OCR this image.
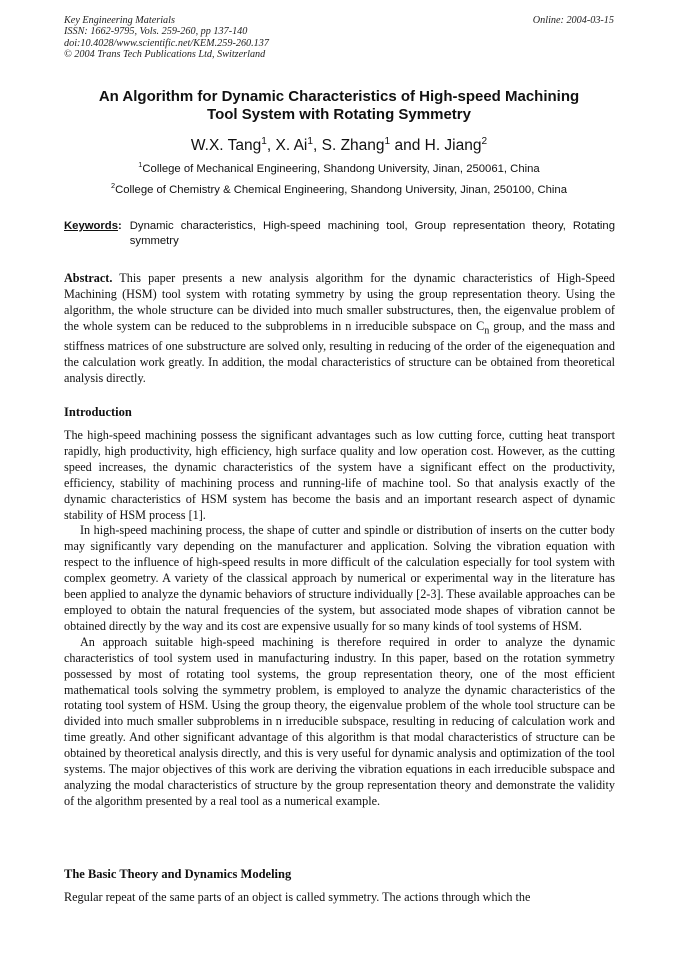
Key Engineering Materials
ISSN: 1662-9795, Vols. 259-260, pp 137-140
doi:10.4028/www.scientific.net/KEM.259-260.137
© 2004 Trans Tech Publications Ltd, Switzerland
Online: 2004-03-15
An Algorithm for Dynamic Characteristics of High-speed Machining
Tool System with Rotating Symmetry
W.X. Tang$^1$, X. Ai$^1$, S. Zhang$^1$ and H. Jiang$^2$
$^1$College of Mechanical Engineering, Shandong University, Jinan, 250061, China
$^2$College of Chemistry & Chemical Engineering, Shandong University, Jinan, 250100, China
Keywords : Dynamic characteristics, High-speed machining tool, Group representation theory, Rotating symmetry
Abstract. This paper presents a new analysis algorithm for the dynamic characteristics of High-Speed Machining (HSM) tool system with rotating symmetry by using the group representation theory. Using the algorithm, the whole structure can be divided into much smaller substructures, then, the eigenvalue problem of the whole system can be reduced to the subproblems in n irreducible subspace on $C_n$ group, and the mass and stiffness matrices of one substructure are solved only, resulting in reducing of the order of the eigenequation and the calculation work greatly. In addition, the modal characteristics of structure can be obtained from theoretical analysis directly.
Introduction

The high-speed machining possess the significant advantages such as low cutting force, cutting heat transport rapidly, high productivity, high efficiency, high surface quality and low operation cost. However, as the cutting speed increases, the dynamic characteristics of the system have a significant effect on the productivity, efficiency, stability of machining process and running-life of machine tool. So that analysis exactly of the dynamic characteristics of HSM system has become the basis and an important research aspect of dynamic stability of HSM process [1].

In high-speed machining process, the shape of cutter and spindle or distribution of inserts on the cutter body may significantly vary depending on the manufacturer and application. Solving the vibration equation with respect to the influence of high-speed results in more difficult of the calculation especially for tool system with complex geometry. A variety of the classical approach by numerical or experimental way in the literature has been applied to analyze the dynamic behaviors of structure individually [2-3]. These available approaches can be employed to obtain the natural frequencies of the system, but associated mode shapes of vibration cannot be obtained directly by the way and its cost are expensive usually for so many kinds of tool systems of HSM.

An approach suitable high-speed machining is therefore required in order to analyze the dynamic characteristics of tool system used in manufacturing industry. In this paper, based on the rotation symmetry possessed by most of rotating tool systems, the group representation theory, one of the most efficient mathematical tools solving the symmetry problem, is employed to analyze the dynamic characteristics of the rotating tool system of HSM. Using the group theory, the eigenvalue problem of the whole tool structure can be divided into much smaller subproblems in n irreducible subspace, resulting in reducing of calculation work and time greatly. And other significant advantage of this algorithm is that modal characteristics of structure can be obtained by theoretical analysis directly, and this is very useful for dynamic analysis and optimization of the tool systems. The major objectives of this work are deriving the vibration equations in each irreducible subspace and analyzing the modal characteristics of structure by the group representation theory and demonstrate the validity of the algorithm presented by a real tool as a numerical example.

The Basic Theory and Dynamics Modeling
Regular repeat of the same parts of an object is called symmetry. The actions through which the
